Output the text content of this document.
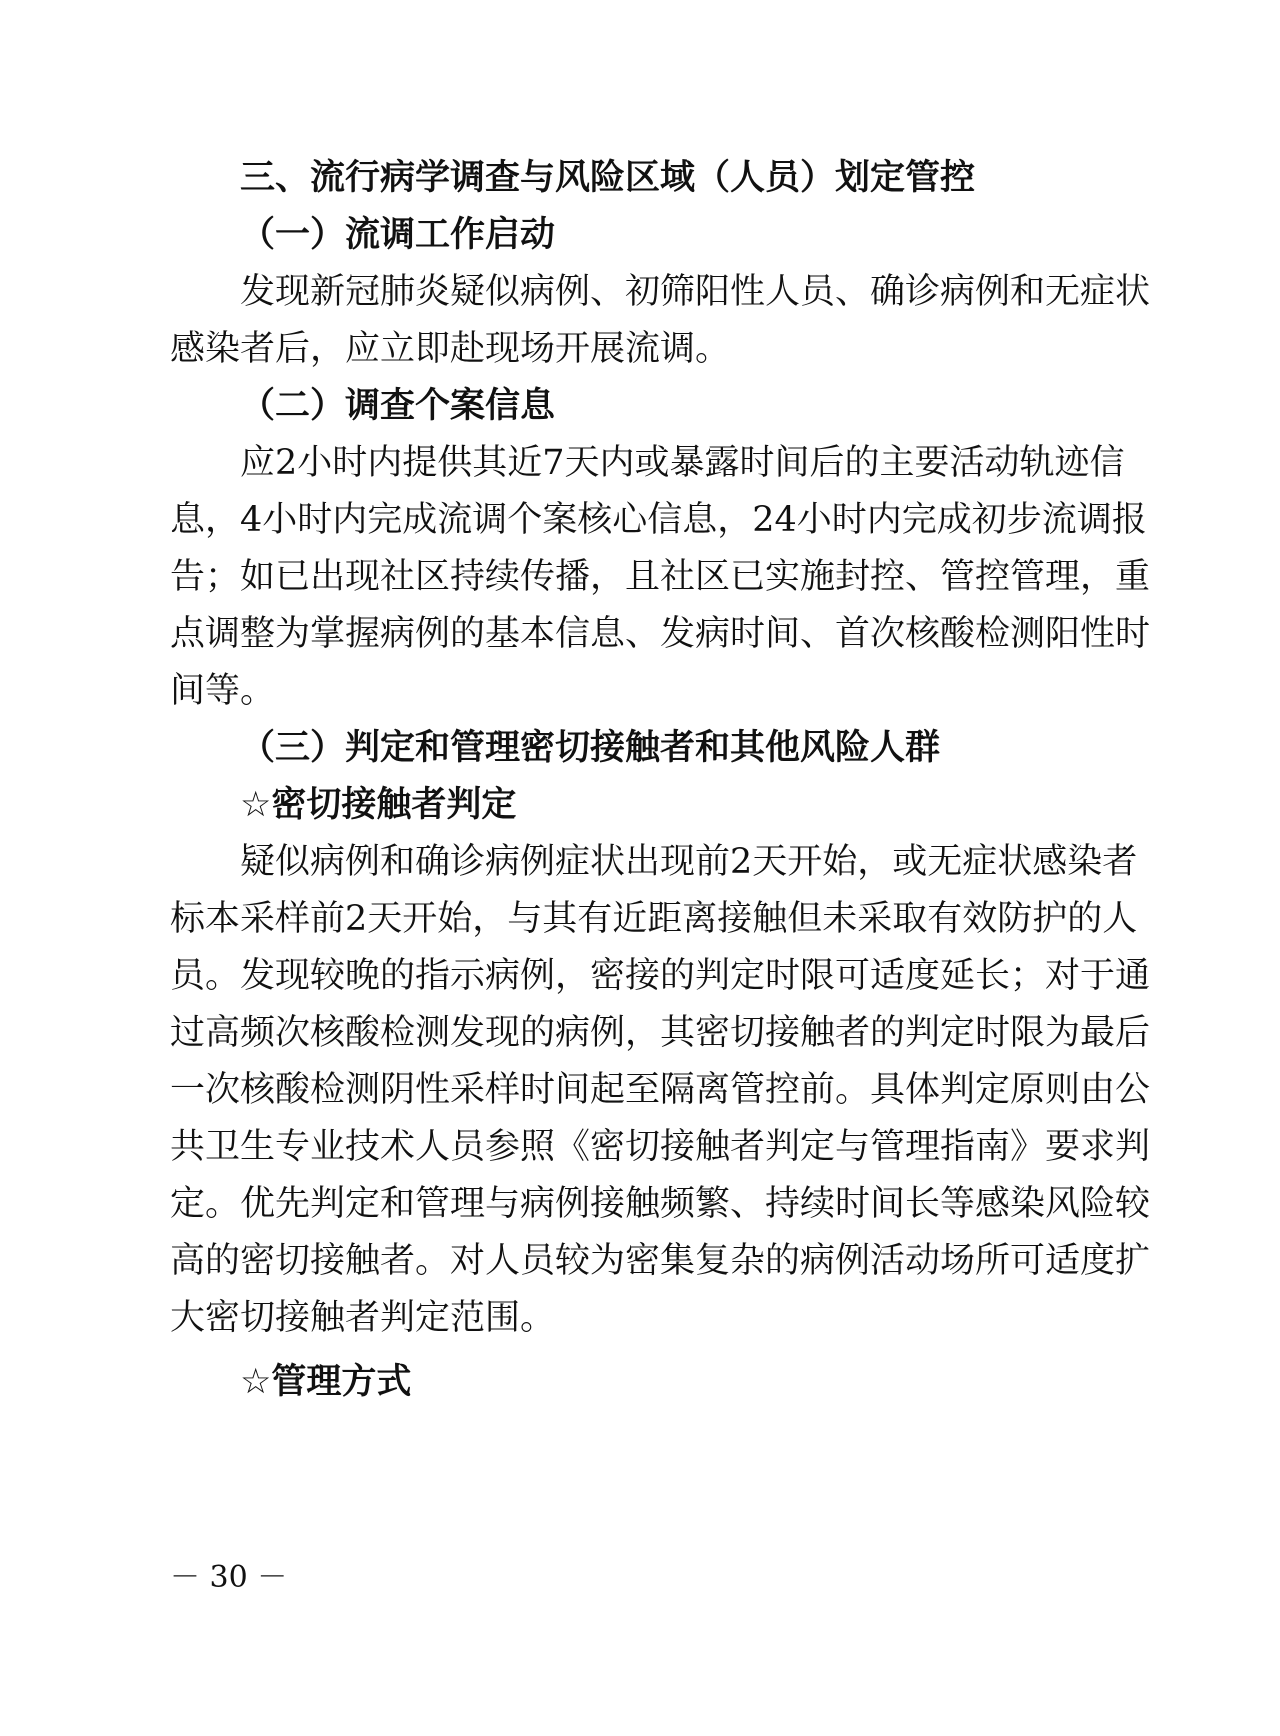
三、流行病学调查与风险区域（人员）划定管控
（一）流调工作启动
发现新冠肺炎疑似病例、初筛阳性人员、确诊病例和无症状
感染者后，应立即赴现场开展流调。
（二）调查个案信息
应2小时内提供其近7天内或暴露时间后的主要活动轨迹信
息，4小时内完成流调个案核心信息，24小时内完成初步流调报
告；如已出现社区持续传播，且社区已实施封控、管控管理，重
点调整为掌握病例的基本信息、发病时间、首次核酸检测阳性时
间等。
（三）判定和管理密切接触者和其他风险人群
☆密切接触者判定
疑似病例和确诊病例症状出现前2天开始，或无症状感染者
标本采样前2天开始，与其有近距离接触但未采取有效防护的人
员。发现较晚的指示病例，密接的判定时限可适度延长；对于通
过高频次核酸检测发现的病例，其密切接触者的判定时限为最后
一次核酸检测阴性采样时间起至隔离管控前。具体判定原则由公
共卫生专业技术人员参照《密切接触者判定与管理指南》要求判
定。优先判定和管理与病例接触频繁、持续时间长等感染风险较
高的密切接触者。对人员较为密集复杂的病例活动场所可适度扩
大密切接触者判定范围。
☆管理方式
－ 30 －
